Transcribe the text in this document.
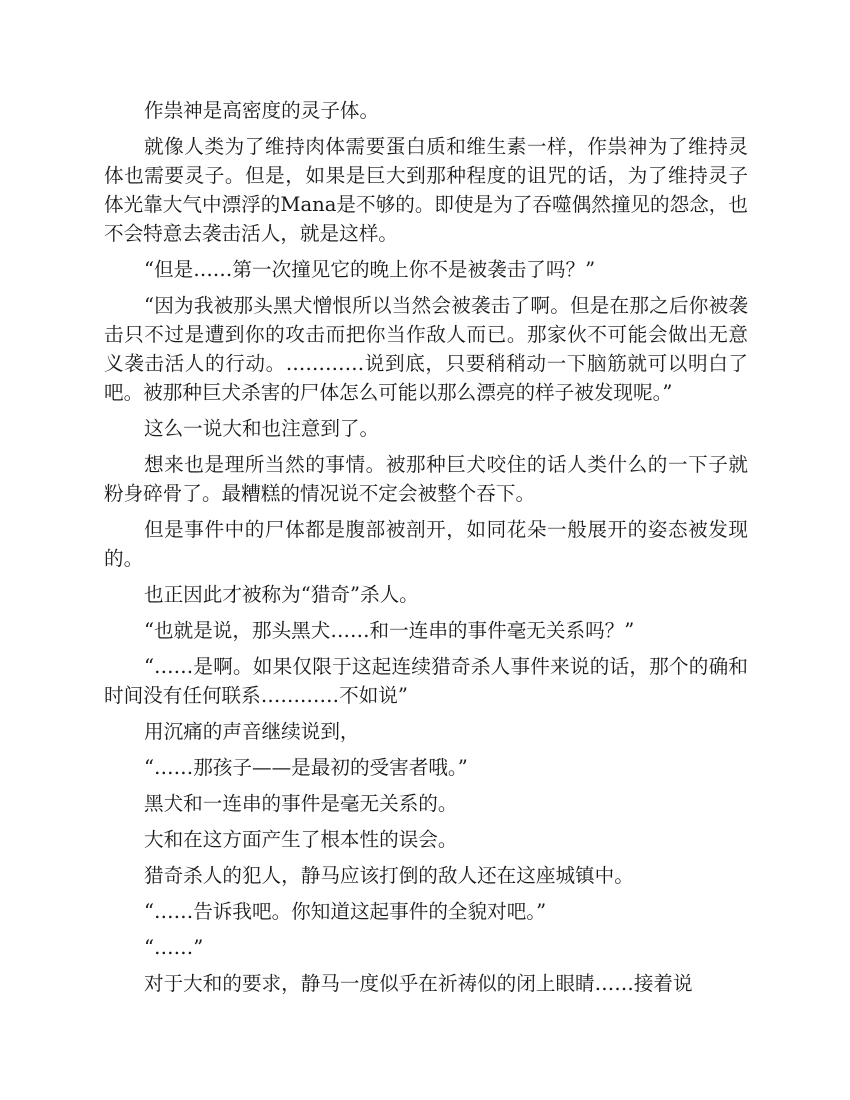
作祟神是高密度的灵子体。

就像人类为了维持肉体需要蛋白质和维生素一样，作祟神为了维持灵体也需要灵子。但是，如果是巨大到那种程度的诅咒的话，为了维持灵子体光靠大气中漂浮的Mana是不够的。即使是为了吞噬偶然撞见的怨念，也不会特意去袭击活人，就是这样。

“但是……第一次撞见它的晚上你不是被袭击了吗？”

“因为我被那头黑犬憎恨所以当然会被袭击了啊。但是在那之后你被袭击只不过是遭到你的攻击而把你当作敌人而已。那家伙不可能会做出无意义袭击活人的行动。…………说到底，只要稍稍动一下脑筋就可以明白了吧。被那种巨犬杀害的尸体怎么可能以那么漂亮的样子被发现呢。”

这么一说大和也注意到了。

想来也是理所当然的事情。被那种巨犬咬住的话人类什么的一下子就粉身碎骨了。最糟糕的情况说不定会被整个吞下。

但是事件中的尸体都是腹部被剖开，如同花朵一般展开的姿态被发现的。

也正因此才被称为“猎奇”杀人。

“也就是说，那头黑犬……和一连串的事件毫无关系吗？”

“……是啊。如果仅限于这起连续猎奇杀人事件来说的话，那个的确和时间没有任何联系…………不如说”

用沉痛的声音继续说到，

“……那孩子——是最初的受害者哦。”

黑犬和一连串的事件是毫无关系的。

大和在这方面产生了根本性的误会。

猎奇杀人的犯人，静马应该打倒的敌人还在这座城镇中。

“……告诉我吧。你知道这起事件的全貌对吧。”

“……”

对于大和的要求，静马一度似乎在祈祷似的闭上眼睛……接着说
